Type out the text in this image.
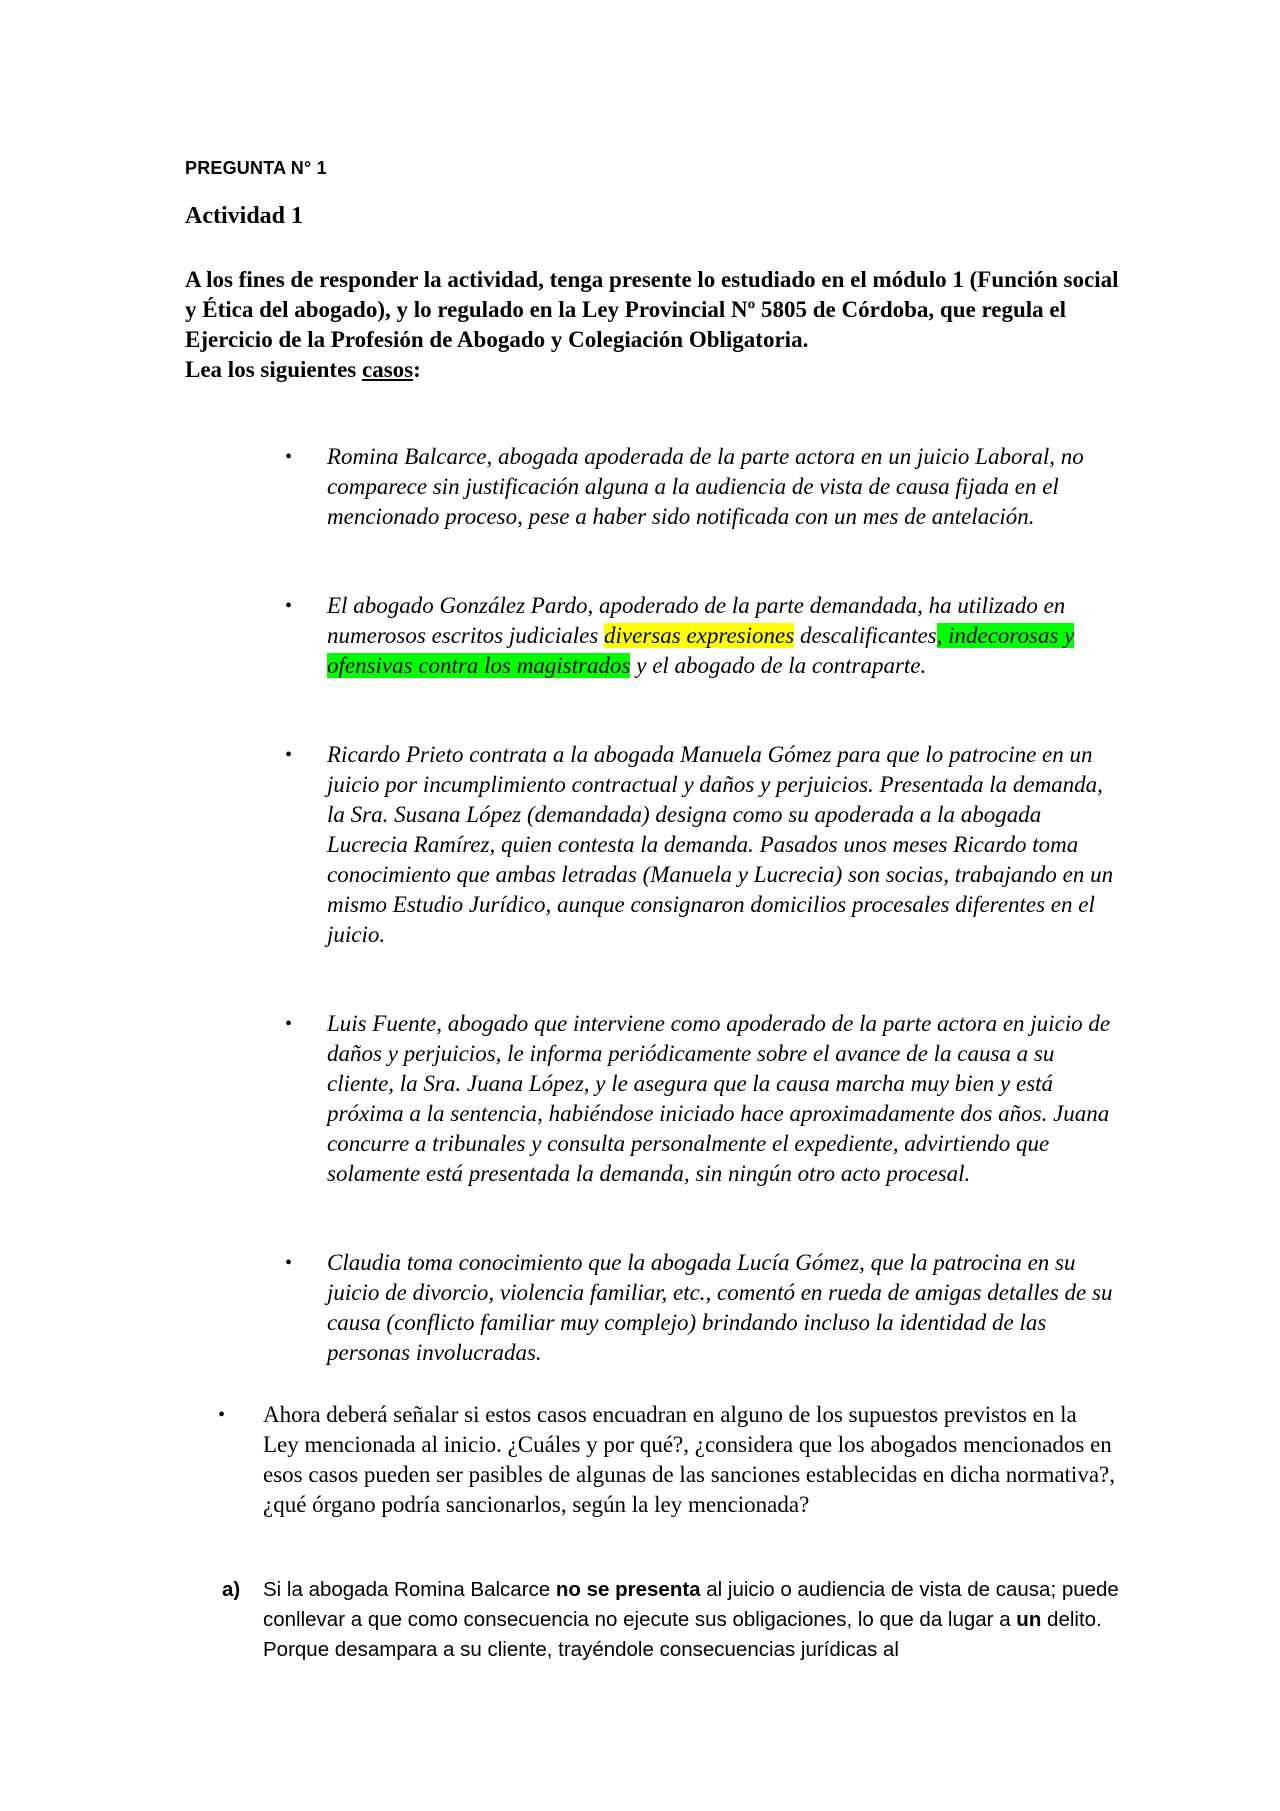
PREGUNTA N° 1
Actividad 1

A los fines de responder la actividad, tenga presente lo estudiado en el módulo 1 (Función social y Ética del abogado), y lo regulado en la Ley Provincial Nº 5805 de Córdoba, que regula el Ejercicio de la Profesión de Abogado y Colegiación Obligatoria.

Lea los siguientes casos:

• Romina Balcarce, abogada apoderada de la parte actora en un juicio Laboral, no comparece sin justificación alguna a la audiencia de vista de causa fijada en el mencionado proceso, pese a haber sido notificada con un mes de antelación.
• El abogado González Pardo, apoderado de la parte demandada, ha utilizado en numerosos escritos judiciales diversas expresiones descalificantes, indecorosas y ofensivas contra los magistrados y el abogado de la contraparte.
• Ricardo Prieto contrata a la abogada Manuela Gómez para que lo patrocine en un juicio por incumplimiento contractual y daños y perjuicios. Presentada la demanda, la Sra. Susana López (demandada) designa como su apoderada a la abogada Lucrecia Ramírez, quien contesta la demanda. Pasados unos meses Ricardo toma conocimiento que ambas letradas (Manuela y Lucrecia) son socias, trabajando en un mismo Estudio Jurídico, aunque consignaron domicilios procesales diferentes en el juicio.
• Luis Fuente, abogado que interviene como apoderado de la parte actora en juicio de daños y perjuicios, le informa periódicamente sobre el avance de la causa a su cliente, la Sra. Juana López, y le asegura que la causa marcha muy bien y está próxima a la sentencia, habiéndose iniciado hace aproximadamente dos años. Juana concurre a tribunales y consulta personalmente el expediente, advirtiendo que solamente está presentada la demanda, sin ningún otro acto procesal.
• Claudia toma conocimiento que la abogada Lucía Gómez, que la patrocina en su juicio de divorcio, violencia familiar, etc., comentó en rueda de amigas detalles de su causa (conflicto familiar muy complejo) brindando incluso la identidad de las personas involucradas.
• Ahora deberá señalar si estos casos encuadran en alguno de los supuestos previstos en la Ley mencionada al inicio. ¿Cuáles y por qué?, ¿considera que los abogados mencionados en esos casos pueden ser pasibles de algunas de las sanciones establecidas en dicha normativa?, ¿qué órgano podría sancionarlos, según la ley mencionada?
a) Si la abogada Romina Balcarce no se presenta al juicio o audiencia de vista de causa; puede conllevar a que como consecuencia no ejecute sus obligaciones, lo que da lugar a un delito. Porque desampara a su cliente, trayéndole consecuencias jurídicas al
